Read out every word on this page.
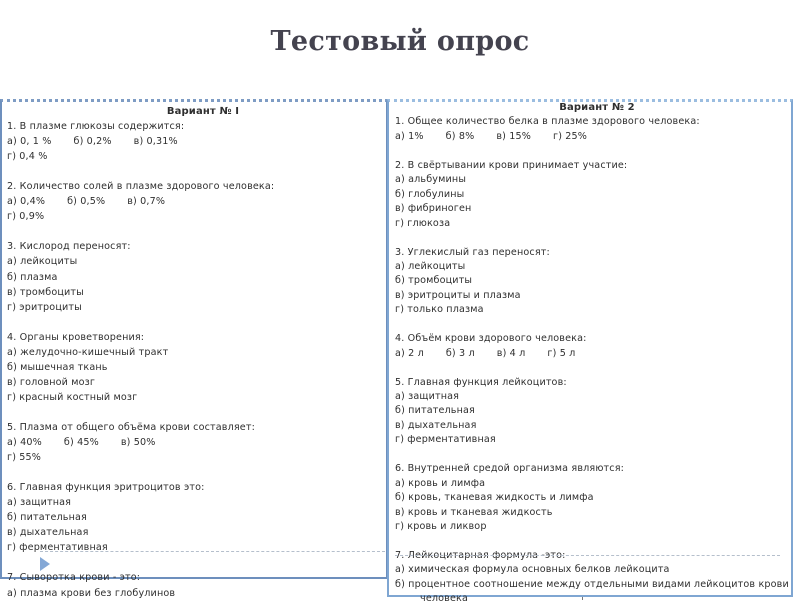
Тестовый опрос
Вариант № I
1. В плазме глюкозы содержится:
а) 0, 1 % б) 0,2% в) 0,31%
г) 0,4 %
2. Количество солей в плазме здорового человека:
а) 0,4% б) 0,5% в) 0,7%
г) 0,9%
3. Кислород переносят:
а) лейкоциты
б) плазма
в) тромбоциты
г) эритроциты
4. Органы кроветворения:
а) желудочно-кишечный тракт
б) мышечная ткань
в) головной мозг
г) красный костный мозг
5. Плазма от общего объёма крови составляет:
а) 40% б) 45% в) 50%
г) 55%
6. Главная функция эритроцитов это:
а) защитная
б) питательная
в) дыхательная
г) ферментативная
7. Сыворотка крови - это:
а) плазма крови без глобулинов
Вариант № 2
1. Общее количество белка в плазме здорового человека:
а) 1% б) 8% в) 15% г) 25%
2. В свёртывании крови принимает участие:
а) альбумины
б) глобулины
в) фибриноген
г) глюкоза
3. Углекислый газ переносят:
а) лейкоциты
б) тромбоциты
в) эритроциты и плазма
г) только плазма
4. Объём крови здорового человека:
а) 2 л б) 3 л в) 4 л г) 5 л
5. Главная функция лейкоцитов:
а) защитная
б) питательная
в) дыхательная
г) ферментативная
6. Внутренней средой организма являются:
а) кровь и лимфа
б) кровь, тканевая жидкость и лимфа
в) кровь и тканевая жидкость
г) кровь и ликвор
7. Лейкоцитарная формула -это:
а) химическая формула основных белков лейкоцита
б) процентное соотношение между отдельными видами лейкоцитов крови
человека
